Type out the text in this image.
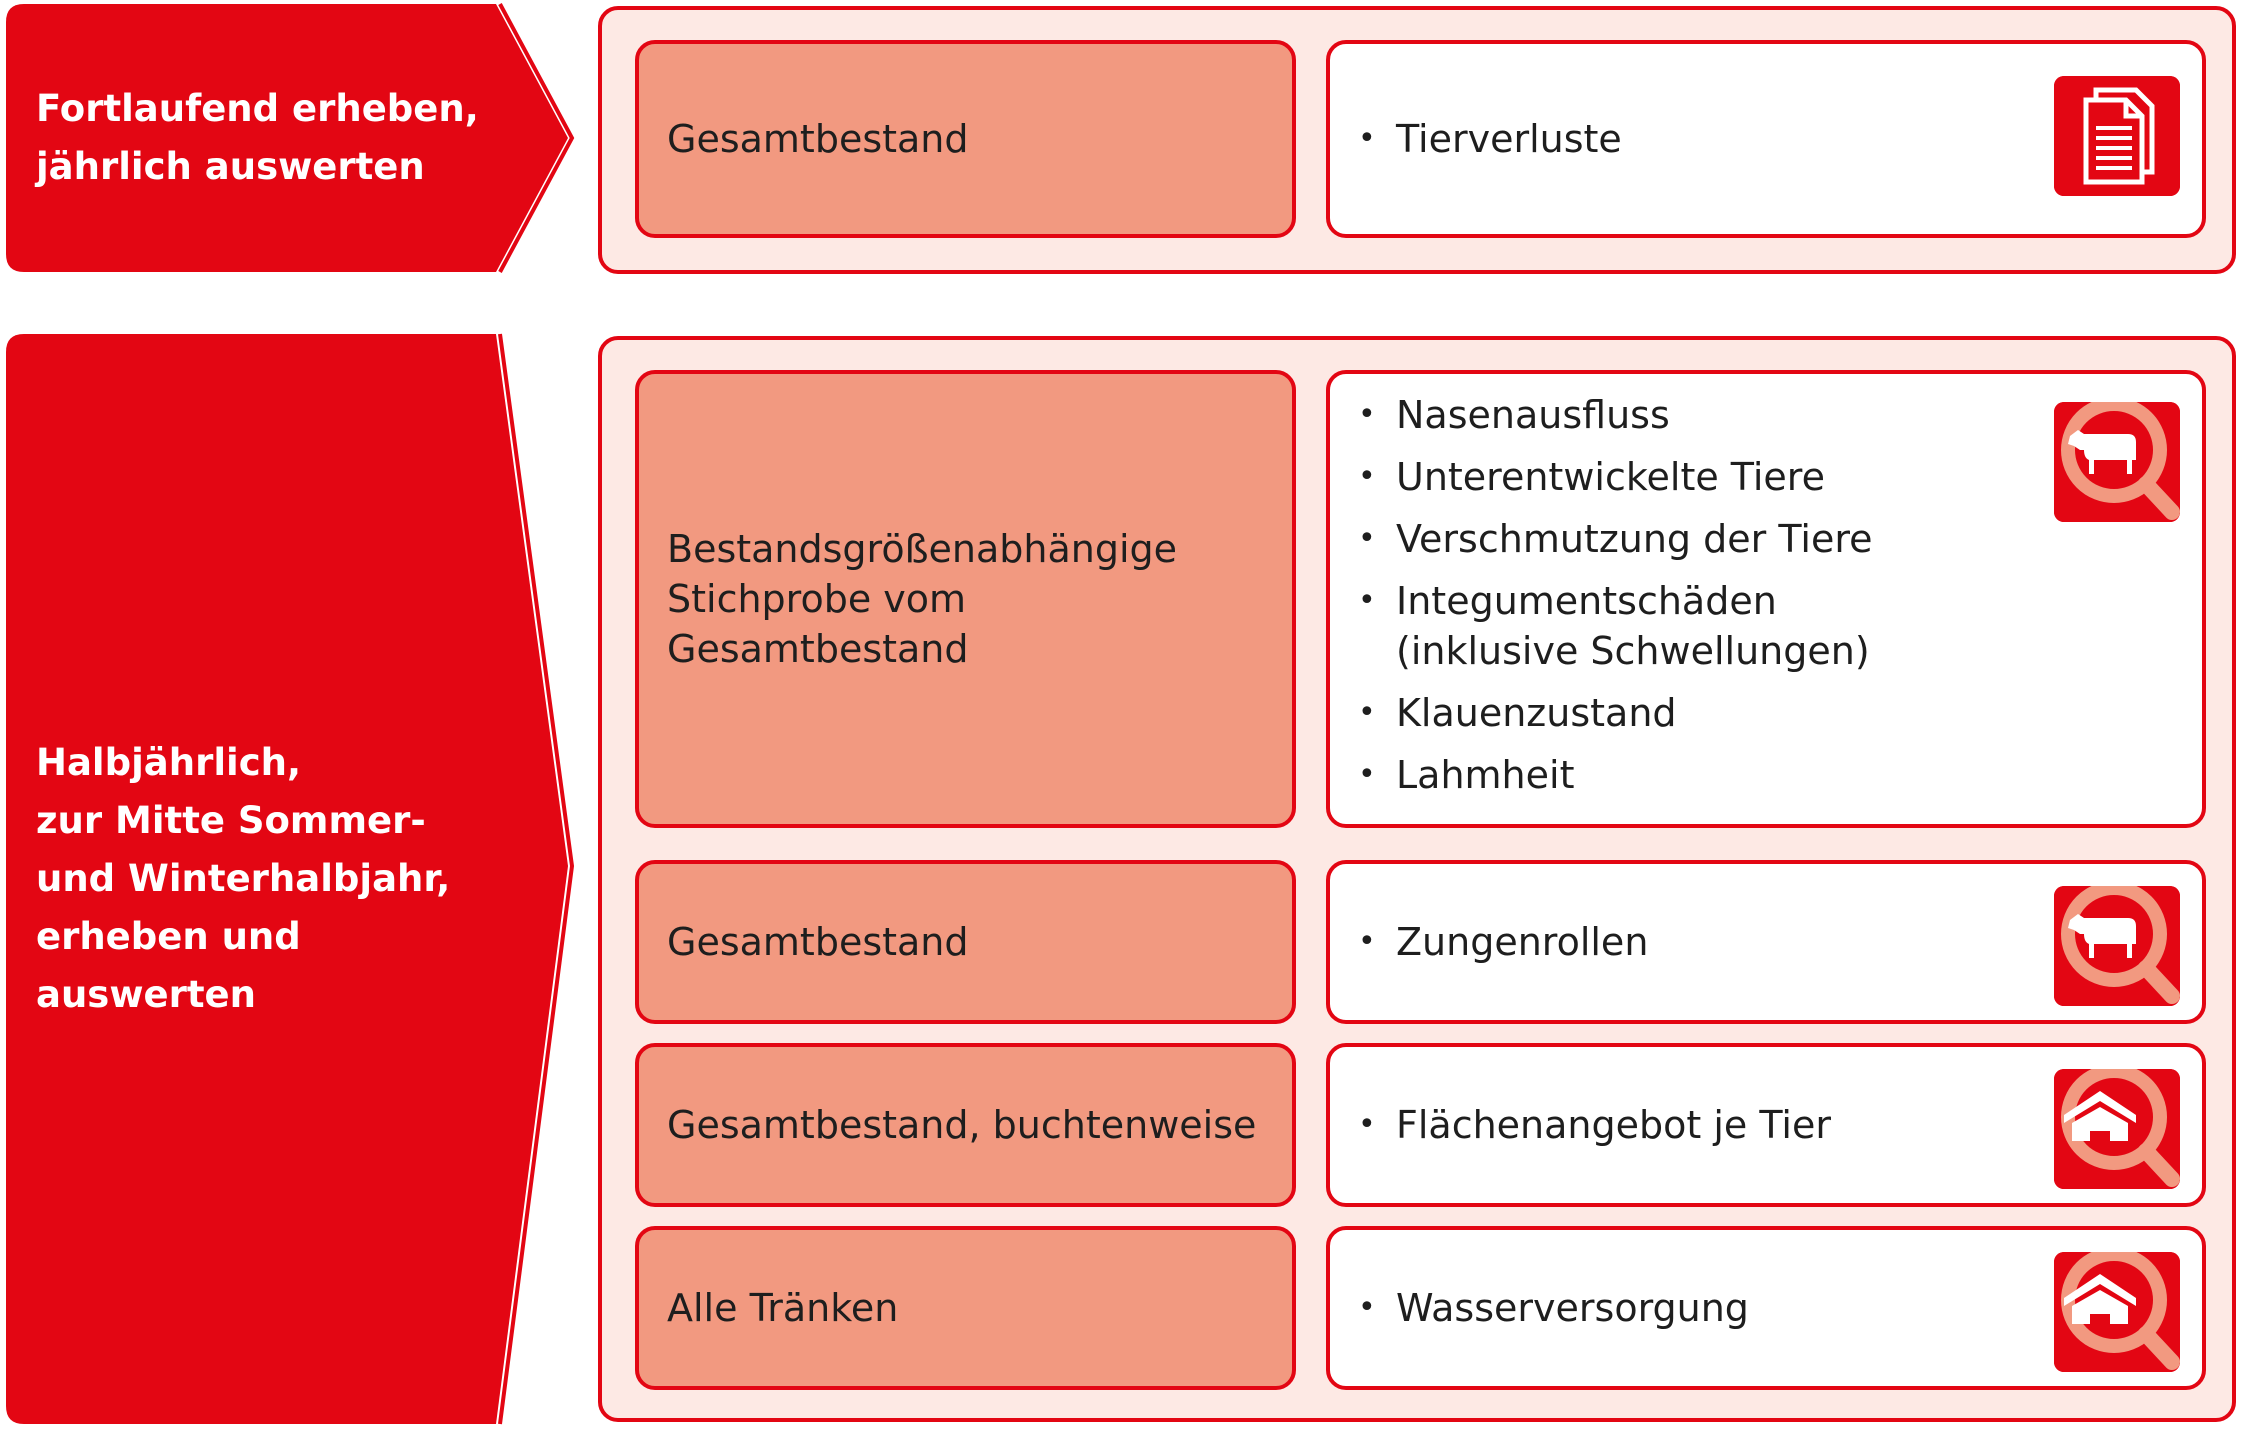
Fortlaufend erheben,
jährlich auswerten
Gesamtbestand	• Tierverluste
Halbjährlich,
zur Mitte Sommer-
und Winterhalbjahr,
erheben und
auswerten
Bestandsgrößenabhängige
Stichprobe vom
Gesamtbestand
• Nasenausfluss
• Unterentwickelte Tiere
• Verschmutzung der Tiere
• Integumentschäden
(inklusive Schwellungen)
• Klauenzustand
• Lahmheit
Gesamtbestand	• Zungenrollen
Gesamtbestand, buchtenweise	• Flächenangebot je Tier
Alle Tränken	• Wasserversorgung
